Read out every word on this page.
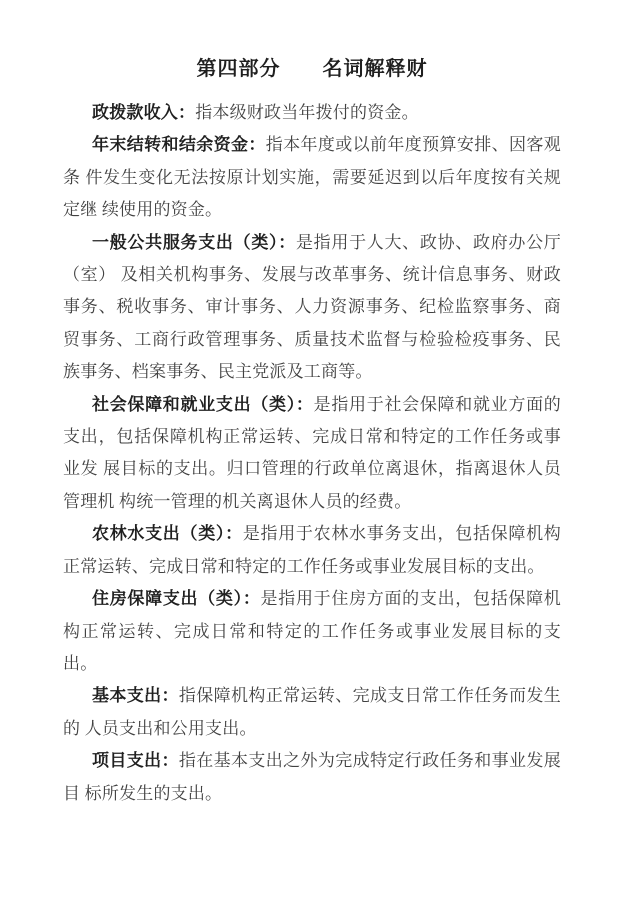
第四部分　　名词解释财

政拨款收入：指本级财政当年拨付的资金。

年末结转和结余资金：指本年度或以前年度预算安排、因客观条 件发生变化无法按原计划实施，需要延迟到以后年度按有关规定继 续使用的资金。

一般公共服务支出（类）：是指用于人大、政协、政府办公厅（室） 及相关机构事务、发展与改革事务、统计信息事务、财政事务、税收事务、审计事务、人力资源事务、纪检监察事务、商贸事务、工商行政管理事务、质量技术监督与检验检疫事务、民族事务、档案事务、民主党派及工商等。

社会保障和就业支出（类）：是指用于社会保障和就业方面的支出，包括保障机构正常运转、完成日常和特定的工作任务或事业发 展目标的支出。归口管理的行政单位离退休，指离退休人员管理机 构统一管理的机关离退休人员的经费。

农林水支出（类）：是指用于农林水事务支出，包括保障机构正常运转、完成日常和特定的工作任务或事业发展目标的支出。

住房保障支出（类）：是指用于住房方面的支出，包括保障机构正常运转、完成日常和特定的工作任务或事业发展目标的支出。

基本支出：指保障机构正常运转、完成支日常工作任务而发生的 人员支出和公用支出。

项目支出：指在基本支出之外为完成特定行政任务和事业发展目 标所发生的支出。
